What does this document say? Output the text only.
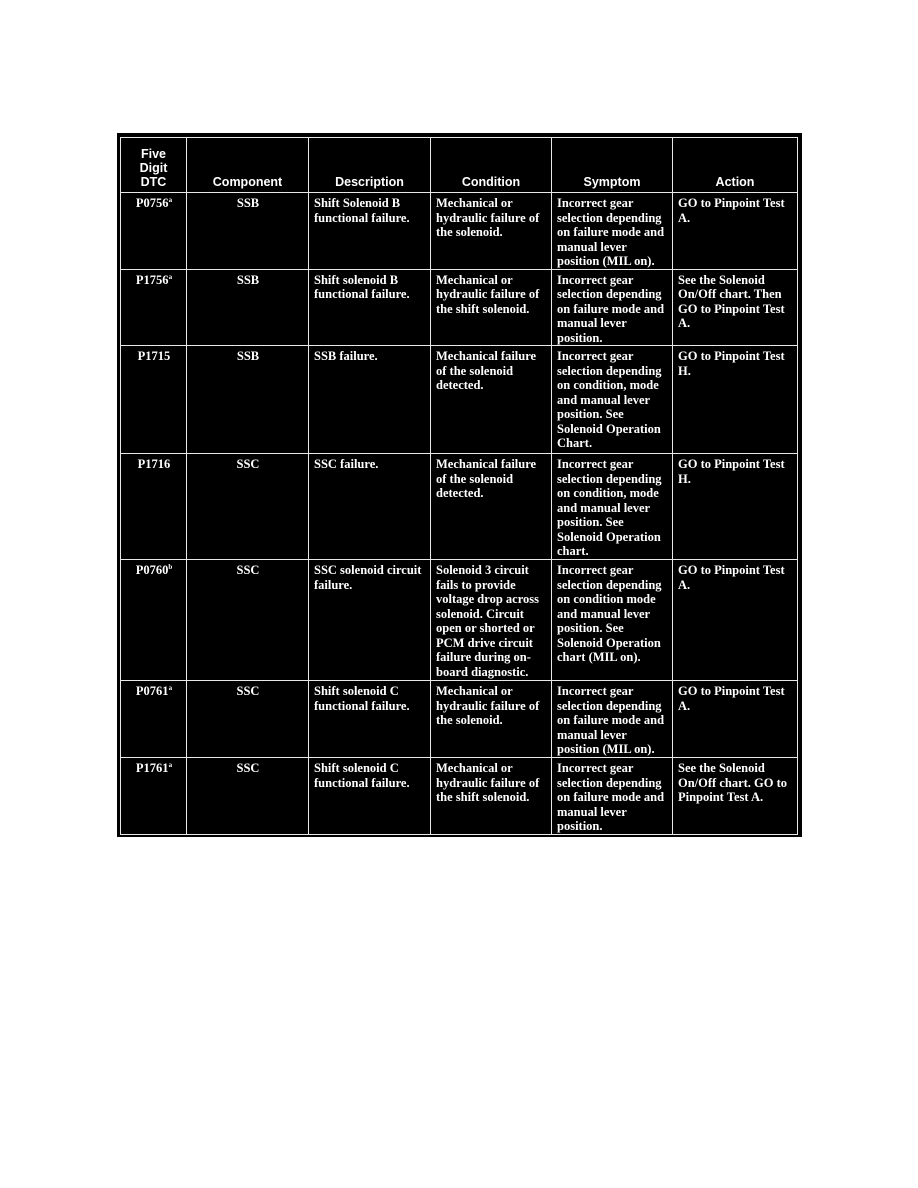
Five
Digit
DTC	Component	Description	Condition	Symptom	Action
P0756$^a$	SSB	Shift Solenoid B functional failure.	Mechanical or hydraulic failure of the solenoid.	Incorrect gear selection depending on failure mode and manual lever position (MIL on).	GO to Pinpoint Test A.
P1756$^a$	SSB	Shift solenoid B functional failure.	Mechanical or hydraulic failure of the shift solenoid.	Incorrect gear selection depending on failure mode and manual lever position.	See the Solenoid On/Off chart. Then GO to Pinpoint Test A.
P1715	SSB	SSB failure.	Mechanical failure of the solenoid detected.	Incorrect gear selection depending on condition, mode and manual lever position. See Solenoid Operation Chart.	GO to Pinpoint Test H.
P1716	SSC	SSC failure.	Mechanical failure of the solenoid detected.	Incorrect gear selection depending on condition, mode and manual lever position. See Solenoid Operation chart.	GO to Pinpoint Test H.
P0760$^b$	SSC	SSC solenoid circuit failure.	Solenoid 3 circuit fails to provide voltage drop across solenoid. Circuit open or shorted or PCM drive circuit failure during on-board diagnostic.	Incorrect gear selection depending on condition mode and manual lever position. See Solenoid Operation chart (MIL on).	GO to Pinpoint Test A.
P0761$^a$	SSC	Shift solenoid C functional failure.	Mechanical or hydraulic failure of the solenoid.	Incorrect gear selection depending on failure mode and manual lever position (MIL on).	GO to Pinpoint Test A.
P1761$^a$	SSC	Shift solenoid C functional failure.	Mechanical or hydraulic failure of the shift solenoid.	Incorrect gear selection depending on failure mode and manual lever position.	See the Solenoid On/Off chart. GO to Pinpoint Test A.
